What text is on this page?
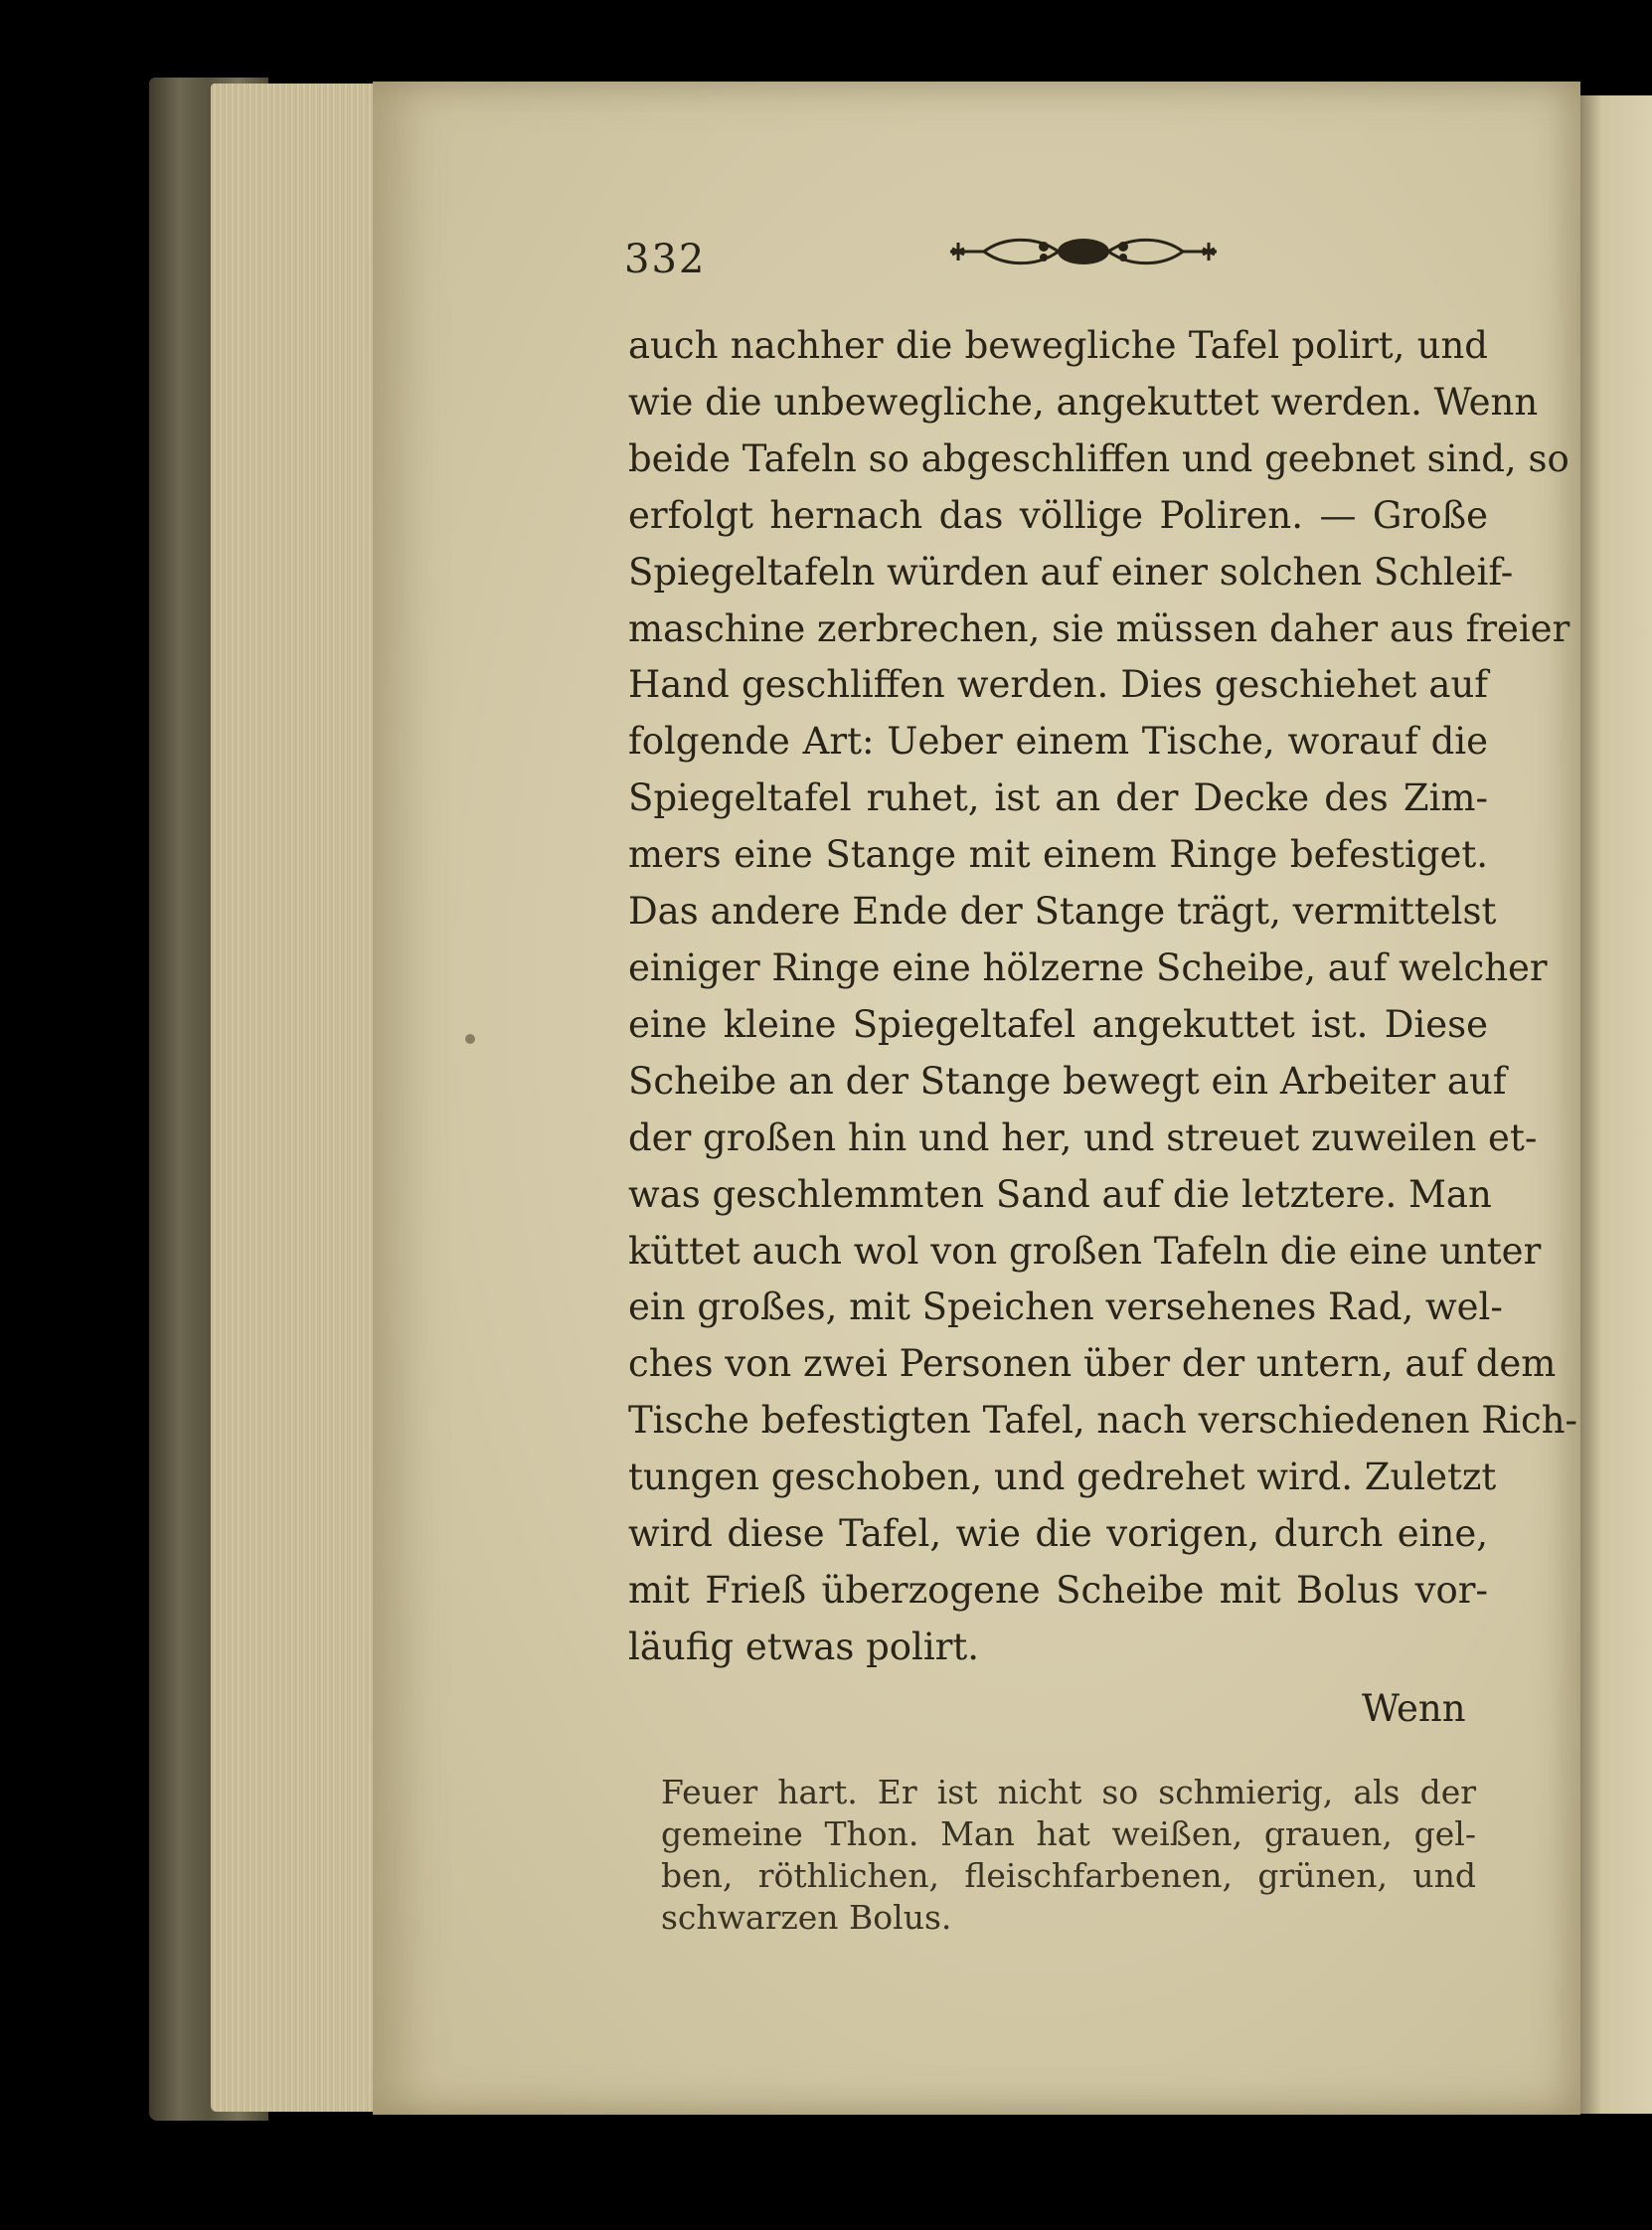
332

auch nachher die bewegliche Tafel polirt, und
wie die unbewegliche, angekuttet werden. Wenn
beide Tafeln so abgeschliffen und geebnet sind, so
erfolgt hernach das völlige Poliren. — Große
Spiegeltafeln würden auf einer solchen Schleif-
maschine zerbrechen, sie müssen daher aus freier
Hand geschliffen werden. Dies geschiehet auf
folgende Art: Ueber einem Tische, worauf die
Spiegeltafel ruhet, ist an der Decke des Zim-
mers eine Stange mit einem Ringe befestiget.
Das andere Ende der Stange trägt, vermittelst
einiger Ringe eine hölzerne Scheibe, auf welcher
eine kleine Spiegeltafel angekuttet ist. Diese
Scheibe an der Stange bewegt ein Arbeiter auf
der großen hin und her, und streuet zuweilen et-
was geschlemmten Sand auf die letztere. Man
küttet auch wol von großen Tafeln die eine unter
ein großes, mit Speichen versehenes Rad, wel-
ches von zwei Personen über der untern, auf dem
Tische befestigten Tafel, nach verschiedenen Rich-
tungen geschoben, und gedrehet wird. Zuletzt
wird diese Tafel, wie die vorigen, durch eine,
mit Frieß überzogene Scheibe mit Bolus vor-
läufig etwas polirt.

Wenn
Feuer hart. Er ist nicht so schmierig, als der
gemeine Thon. Man hat weißen, grauen, gel-
ben, röthlichen, fleischfarbenen, grünen, und
schwarzen Bolus.
